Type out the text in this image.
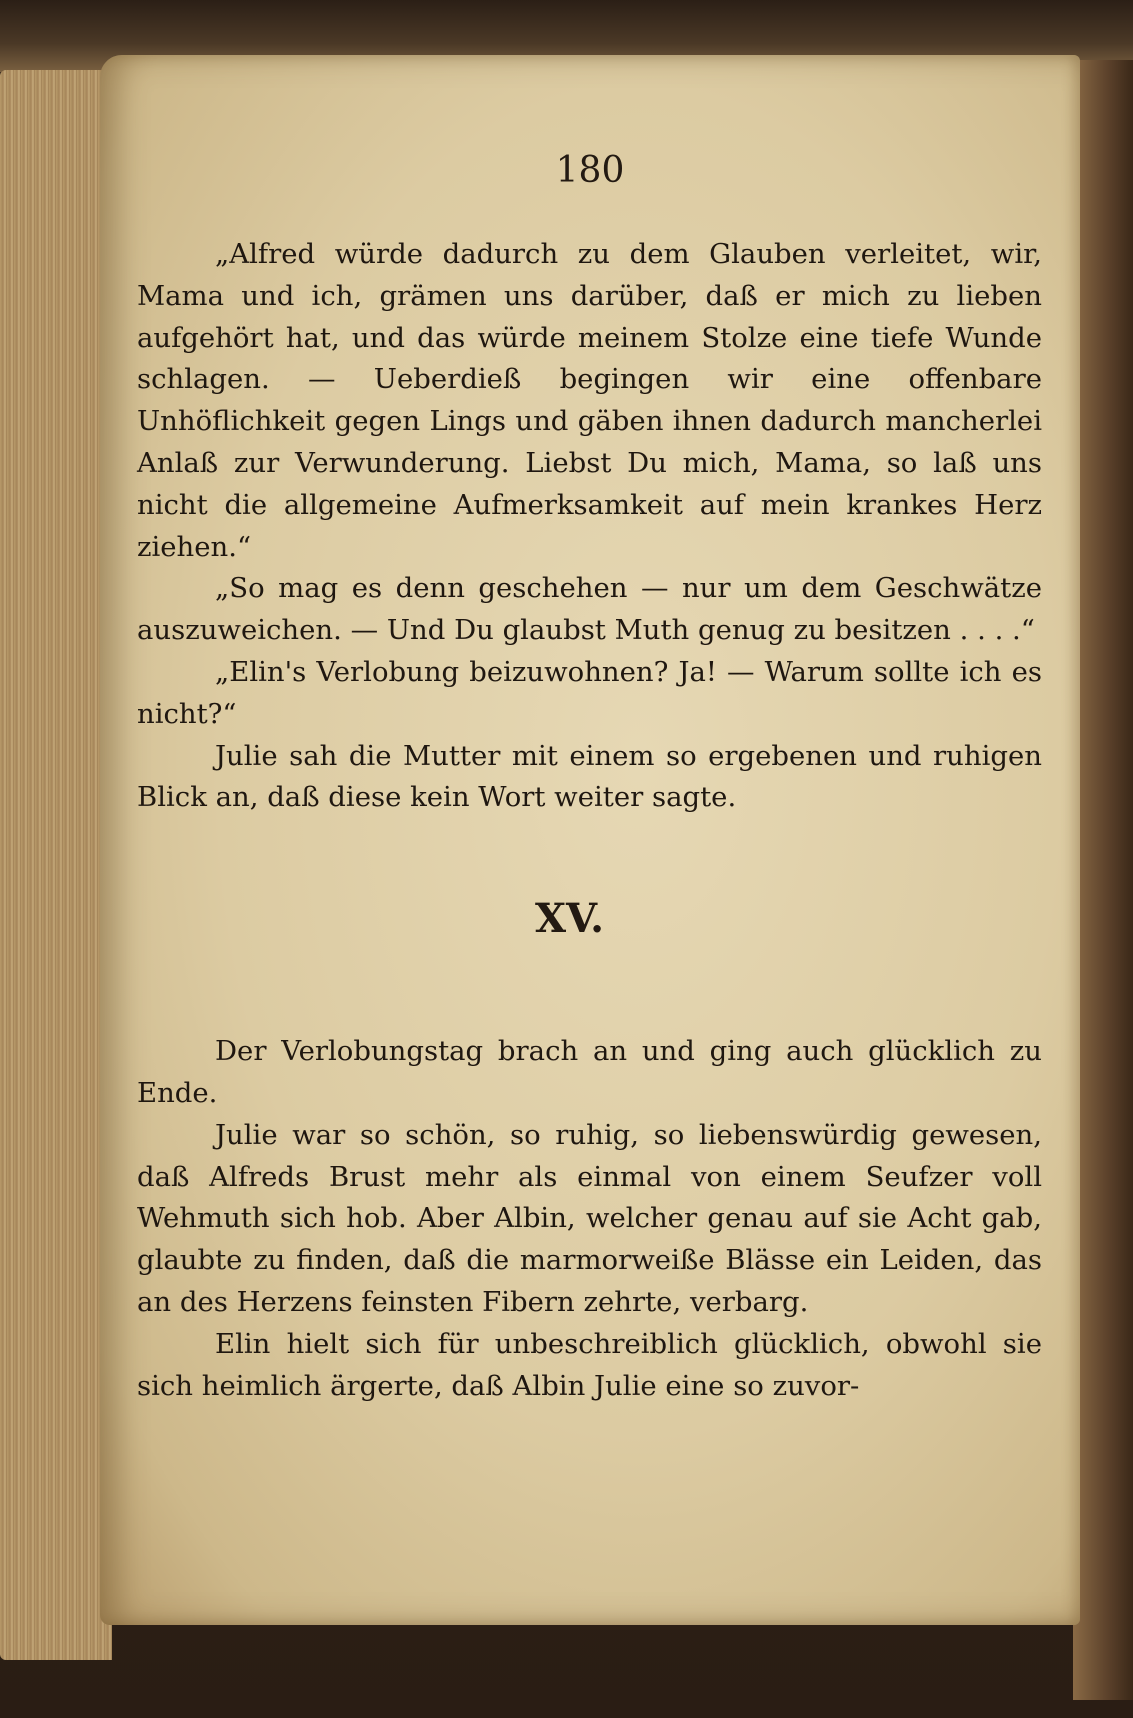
180

„Alfred würde dadurch zu dem Glauben verleitet, wir, Mama und ich, grämen uns darüber, daß er mich zu lieben aufgehört hat, und das würde meinem Stolze eine tiefe Wunde schlagen. — Ueberdieß begingen wir eine offenbare Unhöflichkeit gegen Lings und gäben ihnen dadurch mancherlei Anlaß zur Verwunderung. Liebst Du mich, Mama, so laß uns nicht die allgemeine Aufmerksamkeit auf mein krankes Herz ziehen.“

„So mag es denn geschehen — nur um dem Geschwätze auszuweichen. — Und Du glaubst Muth genug zu besitzen . . . .“

„Elin's Verlobung beizuwohnen? Ja! — Warum sollte ich es nicht?“

Julie sah die Mutter mit einem so ergebenen und ruhigen Blick an, daß diese kein Wort weiter sagte.

XV.

Der Verlobungstag brach an und ging auch glücklich zu Ende.

Julie war so schön, so ruhig, so liebenswürdig gewesen, daß Alfreds Brust mehr als einmal von einem Seufzer voll Wehmuth sich hob. Aber Albin, welcher genau auf sie Acht gab, glaubte zu finden, daß die marmorweiße Blässe ein Leiden, das an des Herzens feinsten Fibern zehrte, verbarg.

Elin hielt sich für unbeschreiblich glücklich, obwohl sie sich heimlich ärgerte, daß Albin Julie eine so zuvor-
